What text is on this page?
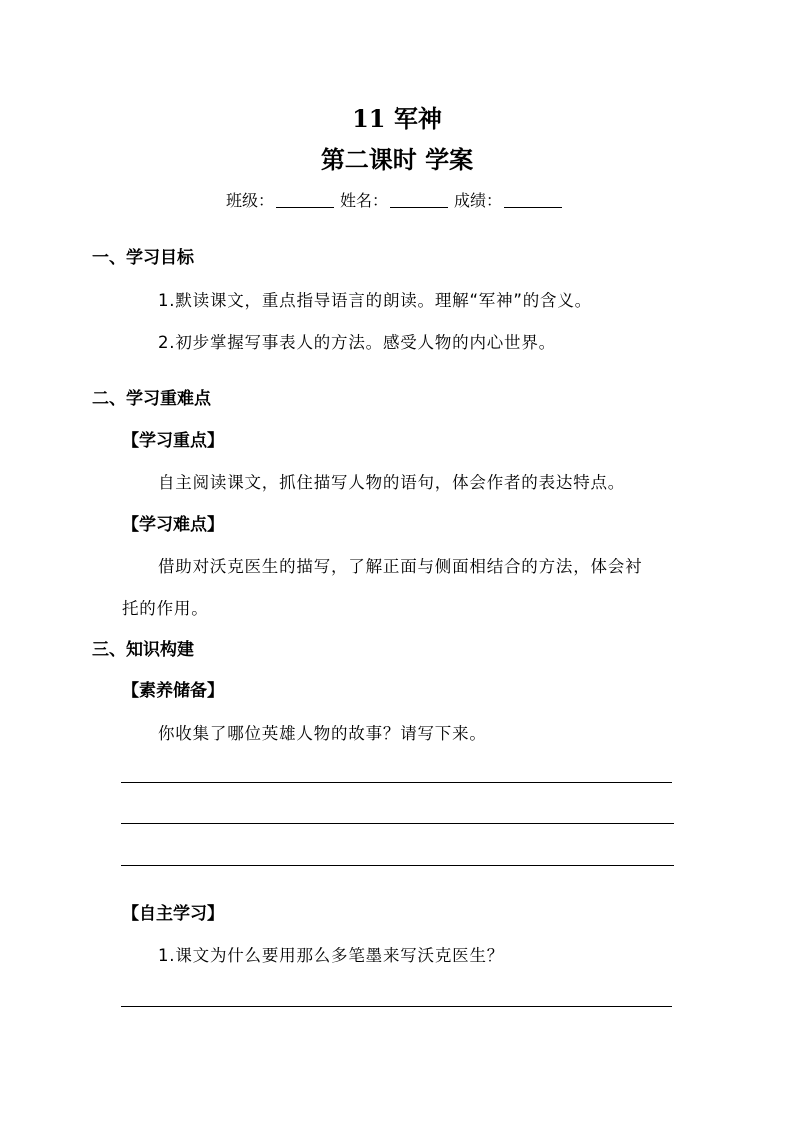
11 军神
第二课时 学案
班级：	姓名：	成绩：
一、学习目标
1.默读课文，重点指导语言的朗读。理解“军神”的含义。
2.初步掌握写事表人的方法。感受人物的内心世界。
二、学习重难点
【学习重点】
自主阅读课文，抓住描写人物的语句，体会作者的表达特点。
【学习难点】
借助对沃克医生的描写，了解正面与侧面相结合的方法，体会衬
托的作用。
三、知识构建
【素养储备】
你收集了哪位英雄人物的故事？请写下来。
【自主学习】
1.课文为什么要用那么多笔墨来写沃克医生？
